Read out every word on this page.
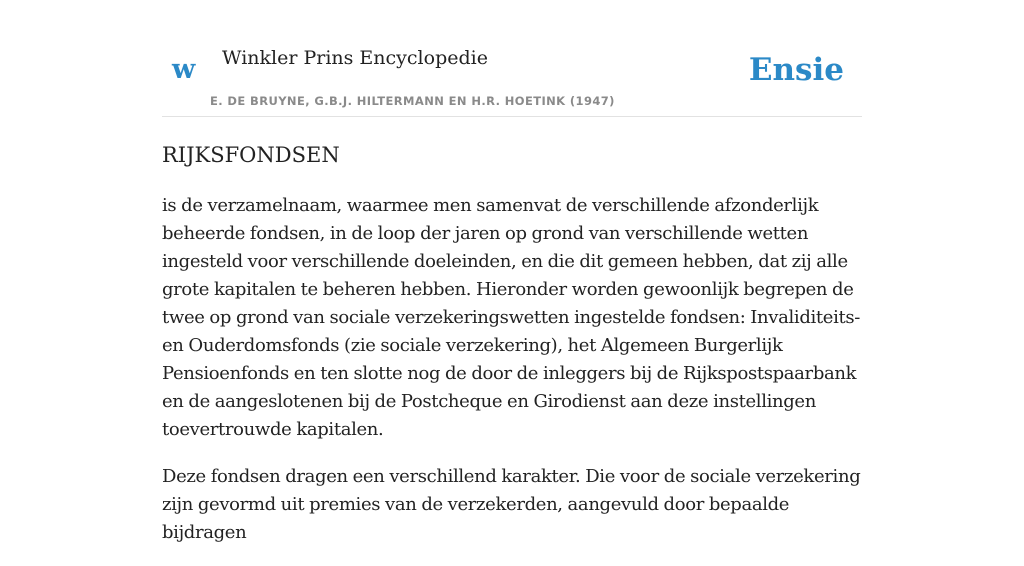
w Winkler Prins Encyclopedie
E. DE BRUYNE, G.B.J. HILTERMANN EN H.R. HOETINK (1947)
Ensie
RIJKSFONDSEN

is de verzamelnaam, waarmee men samenvat de verschillende afzonderlijk beheerde fondsen, in de loop der jaren op grond van verschillende wetten ingesteld voor verschillende doeleinden, en die dit gemeen hebben, dat zij alle grote kapitalen te beheren hebben. Hieronder worden gewoonlijk begrepen de twee op grond van sociale verzekeringswetten ingestelde fondsen: Invaliditeits- en Ouderdomsfonds (zie sociale verzekering), het Algemeen Burgerlijk Pensioenfonds en ten slotte nog de door de inleggers bij de Rijkspostspaarbank en de aangeslotenen bij de Postcheque en Girodienst aan deze instellingen toevertrouwde kapitalen.

Deze fondsen dragen een verschillend karakter. Die voor de sociale verzekering zijn gevormd uit premies van de verzekerden, aangevuld door bepaalde bijdragen
